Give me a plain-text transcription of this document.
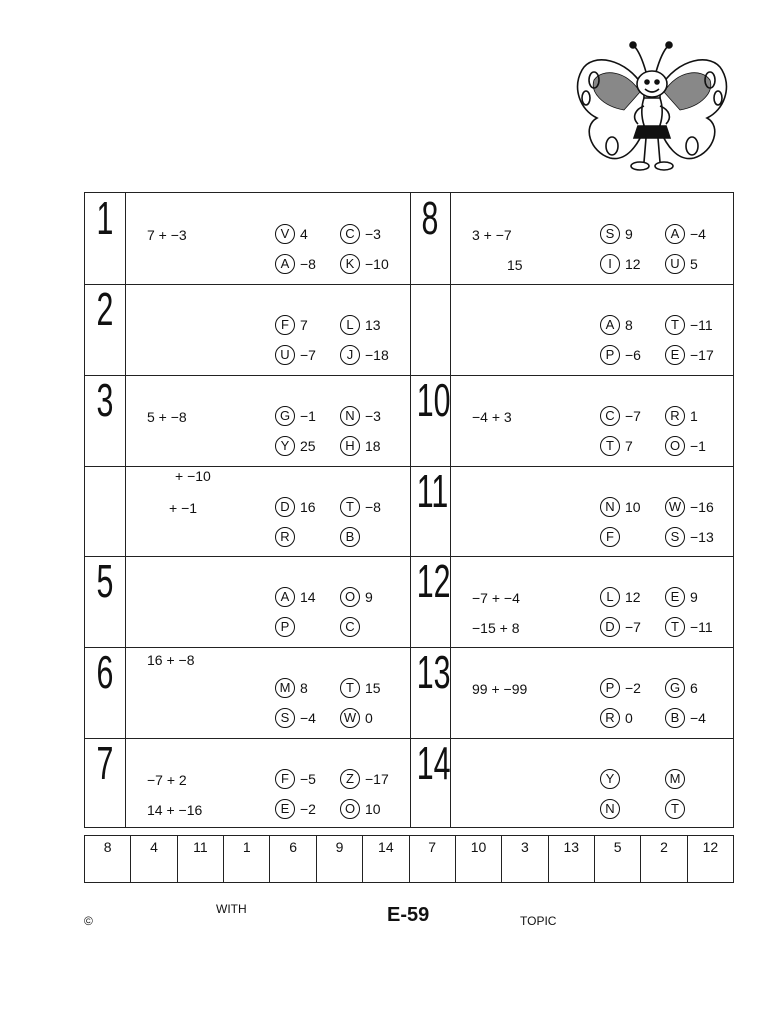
1	7 + −3	V 4	C −3
A −8	K −10
2	F 7	L 13
U −7	J −18
3	5 + −8	G −1	N −3
Y 25	H 18
+ −10
+ −1	D 16	T −8
R	B
5	A 14	O 9
P	C
6	16 + −8
M 8	T 15
S −4 W 0
7	−7 + 2
14 + −16
F −5	Z −17
E −2	O 10
8	3 + −7
15
S 9	A −4
I 12	U 5
A 8	T −11
P −6	E −17
10 −4 + 3	C −7	R 1
T 7	O −1
11	N 10 W −16
F	S −13
12 −7 + −4
−15 + 8
L 12	E 9
D −7	T −11
13 99 + −99	P −2	G 6
R 0	B −4
14	Y	M
N	T
8	4	11	1	6	9	14	7	10	3	13	5	2	12
©
WITH	E-59	TOPIC
